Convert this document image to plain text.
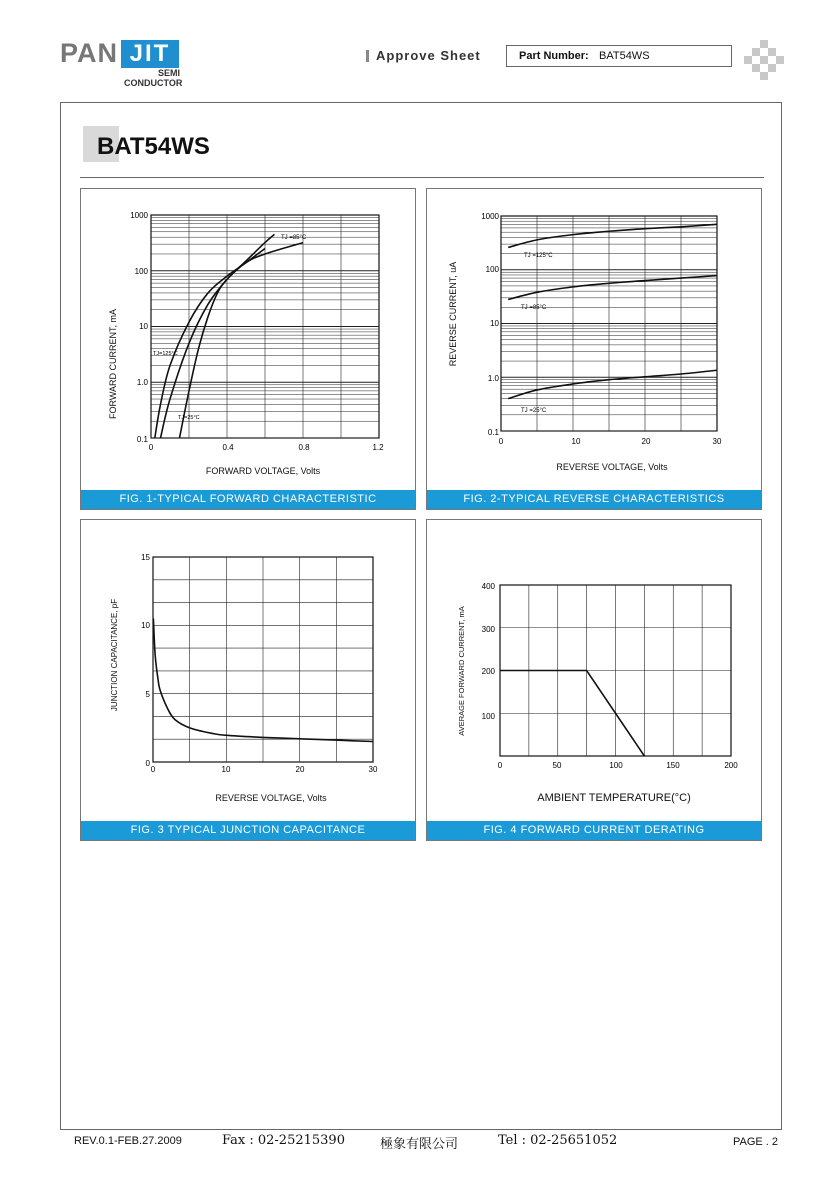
PAN JIT
SEMI
CONDUCTOR
Approve Sheet	Part Number: BAT54WS
BAT54WS
FORWARD CURRENT, mA
FORWARD VOLTAGE, Volts
0	0.4	0.8	1.2
0.1
1.0
10
100
1000
TJ =85°C
TJ=125°C
TJ=25°C
FIG. 1-TYPICAL FORWARD CHARACTERISTIC
REVERSE CURRENT, uA
REVERSE VOLTAGE, Volts
0	10	20	30
0.1
1.0
10
100
1000
TJ =125°C
TJ =85°C
TJ =25°C
FIG. 2-TYPICAL REVERSE CHARACTERISTICS
JUNCTION CAPACITANCE, pF
REVERSE VOLTAGE, Volts
0	10	20	30
0
5
10
15
FIG. 3 TYPICAL JUNCTION CAPACITANCE
AVERAGE FORWARD CURRENT, mA
AMBIENT TEMPERATURE(°C)
0	50	100	150	200
100
200
300
400
FIG. 4 FORWARD CURRENT DERATING
REV.0.1-FEB.27.2009	Fax : 02-25215390	極象有限公司	Tel : 02-25651052	PAGE . 2
